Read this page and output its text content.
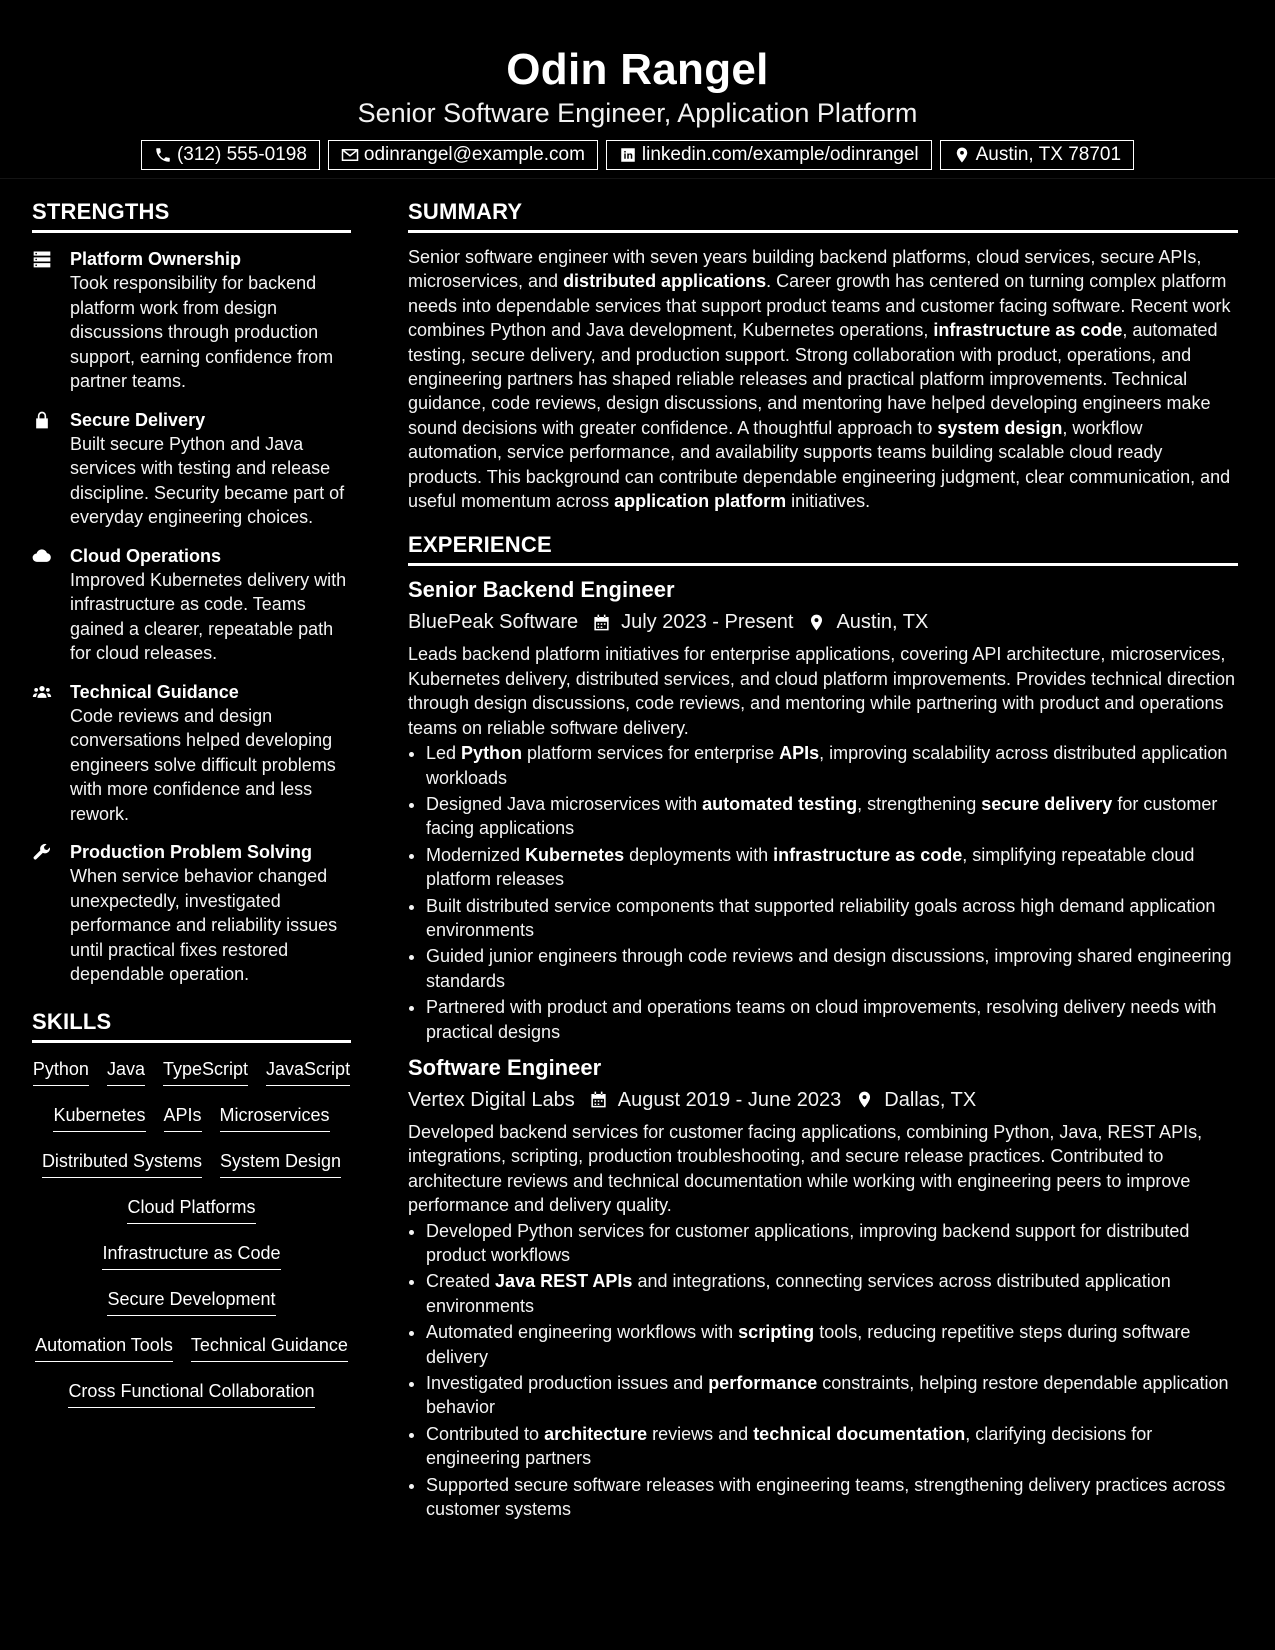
Odin Rangel
Senior Software Engineer, Application Platform
(312) 555-0198	odinrangel@example.com	linkedin.com/example/odinrangel	Austin, TX 78701
STRENGTHS
Platform Ownership
Took responsibility for backend platform work from design discussions through production support, earning confidence from partner teams.
Secure Delivery
Built secure Python and Java services with testing and release discipline. Security became part of everyday engineering choices.
Cloud Operations
Improved Kubernetes delivery with infrastructure as code. Teams gained a clearer, repeatable path for cloud releases.
Technical Guidance
Code reviews and design conversations helped developing engineers solve difficult problems with more confidence and less rework.
Production Problem Solving
When service behavior changed unexpectedly, investigated performance and reliability issues until practical fixes restored dependable operation.
SKILLS
Python Java TypeScript JavaScript
Kubernetes APIs Microservices
Distributed Systems System Design
Cloud Platforms
Infrastructure as Code
Secure Development
Automation Tools Technical Guidance
Cross Functional Collaboration
SUMMARY
Senior software engineer with seven years building backend platforms, cloud services, secure APIs, microservices, and distributed applications. Career growth has centered on turning complex platform needs into dependable services that support product teams and customer facing software. Recent work combines Python and Java development, Kubernetes operations, infrastructure as code, automated testing, secure delivery, and production support. Strong collaboration with product, operations, and engineering partners has shaped reliable releases and practical platform improvements. Technical guidance, code reviews, design discussions, and mentoring have helped developing engineers make sound decisions with greater confidence. A thoughtful approach to system design, workflow automation, service performance, and availability supports teams building scalable cloud ready products. This background can contribute dependable engineering judgment, clear communication, and useful momentum across application platform initiatives.
EXPERIENCE
Senior Backend Engineer
BluePeak Software July 2023 - Present Austin, TX
Leads backend platform initiatives for enterprise applications, covering API architecture, microservices, Kubernetes delivery, distributed services, and cloud platform improvements. Provides technical direction through design discussions, code reviews, and mentoring while partnering with product and operations teams on reliable software delivery.
• Led Python platform services for enterprise APIs, improving scalability across distributed application workloads
• Designed Java microservices with automated testing, strengthening secure delivery for customer facing applications
• Modernized Kubernetes deployments with infrastructure as code, simplifying repeatable cloud platform releases
• Built distributed service components that supported reliability goals across high demand application environments
• Guided junior engineers through code reviews and design discussions, improving shared engineering standards
• Partnered with product and operations teams on cloud improvements, resolving delivery needs with practical designs
Software Engineer
Vertex Digital Labs August 2019 - June 2023 Dallas, TX
Developed backend services for customer facing applications, combining Python, Java, REST APIs, integrations, scripting, production troubleshooting, and secure release practices. Contributed to architecture reviews and technical documentation while working with engineering peers to improve performance and delivery quality.
• Developed Python services for customer applications, improving backend support for distributed product workflows
• Created Java REST APIs and integrations, connecting services across distributed application environments
• Automated engineering workflows with scripting tools, reducing repetitive steps during software delivery
• Investigated production issues and performance constraints, helping restore dependable application behavior
• Contributed to architecture reviews and technical documentation, clarifying decisions for engineering partners
• Supported secure software releases with engineering teams, strengthening delivery practices across customer systems
